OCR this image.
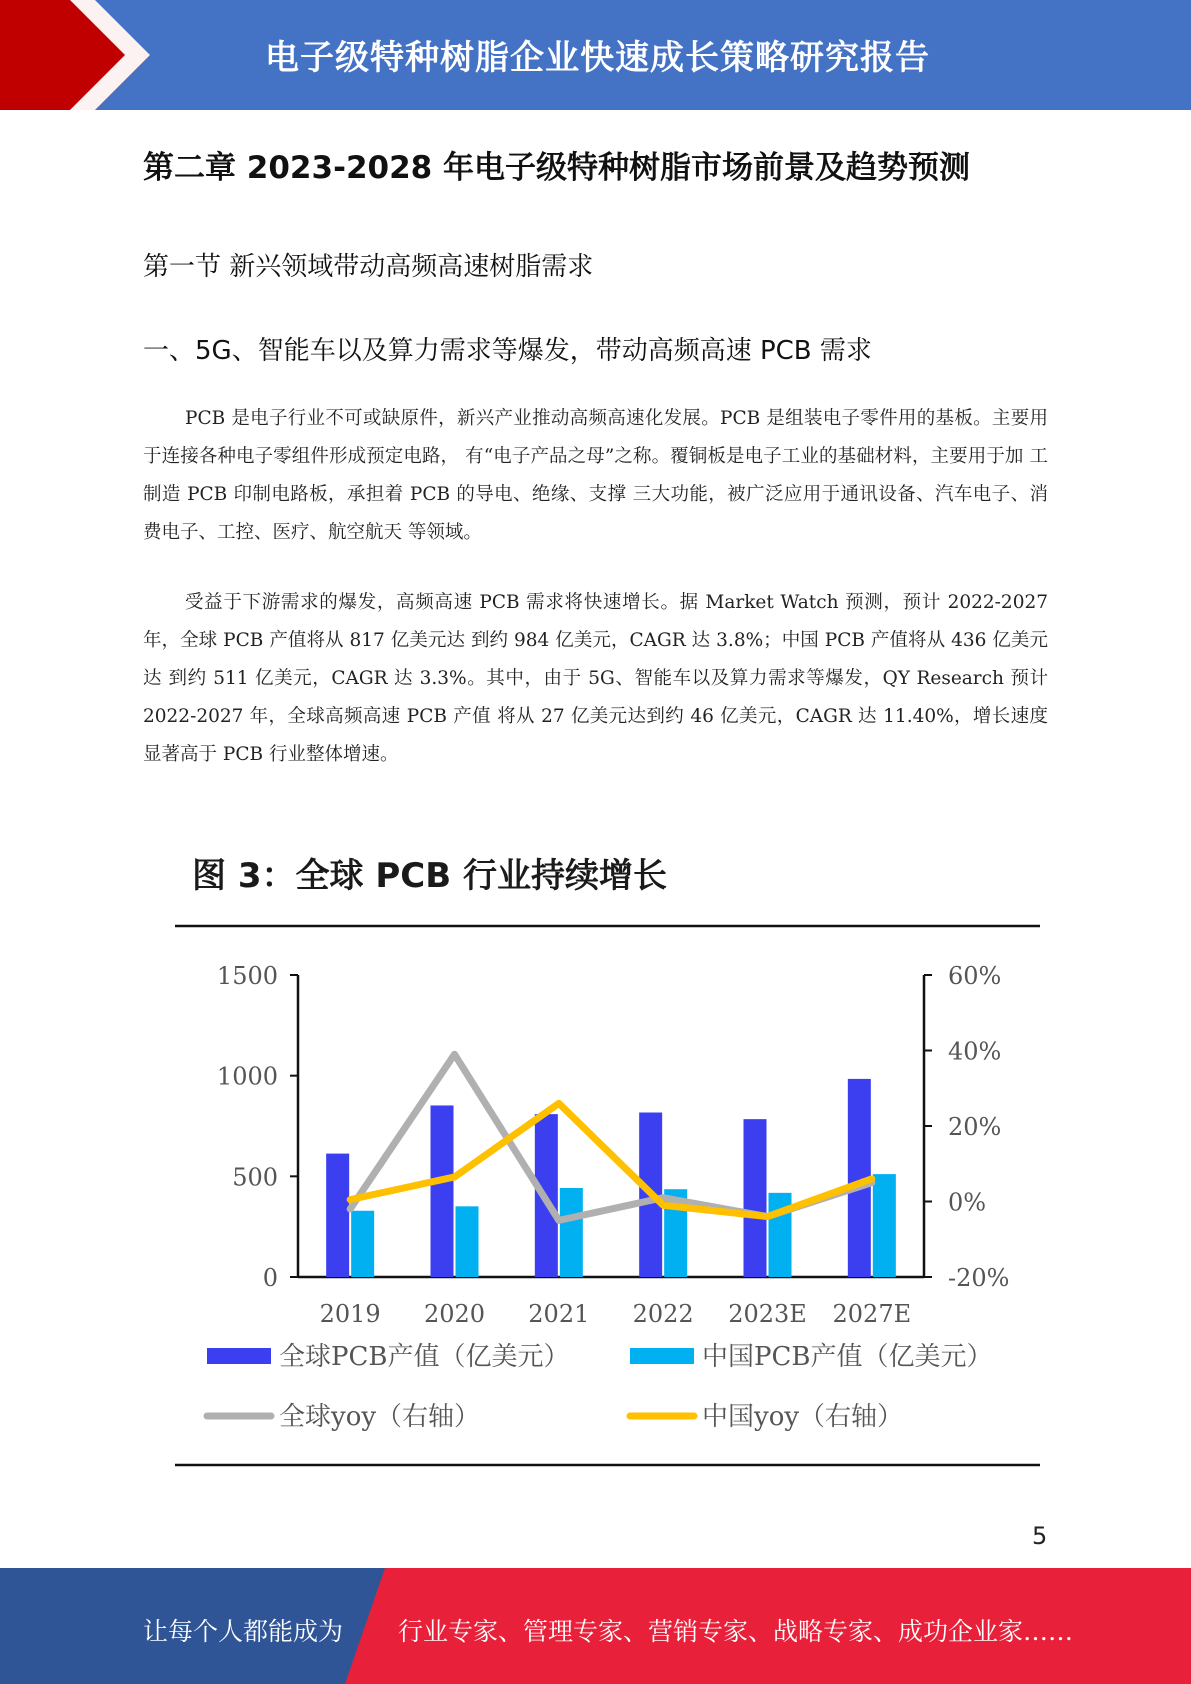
电子级特种树脂企业快速成长策略研究报告
第二章 2023-2028 年电子级特种树脂市场前景及趋势预测
第一节 新兴领域带动高频高速树脂需求
一、5G、智能车以及算力需求等爆发，带动高频高速 PCB 需求

PCB 是电子行业不可或缺原件，新兴产业推动高频高速化发展。PCB 是组装电子零件用的基板。主要用于连接各种电子零组件形成预定电路， 有“电子产品之母”之称。覆铜板是电子工业的基础材料，主要用于加 工制造 PCB 印制电路板，承担着 PCB 的导电、绝缘、支撑 三大功能，被广泛应用于通讯设备、汽车电子、消费电子、工控、医疗、航空航天 等领域。

受益于下游需求的爆发，高频高速 PCB 需求将快速增长。据 Market Watch 预测，预计 2022-2027 年，全球 PCB 产值将从 817 亿美元达 到约 984 亿美元，CAGR 达 3.8%；中国 PCB 产值将从 436 亿美元达 到约 511 亿美元，CAGR 达 3.3%。其中，由于 5G、智能车以及算力需求等爆发，QY Research 预计 2022-2027 年，全球高频高速 PCB 产值 将从 27 亿美元达到约 46 亿美元，CAGR 达 11.40%，增长速度显著高于 PCB 行业整体增速。

图 3：全球 PCB 行业持续增长
1500
1000
500
0
60%
40%
20%
0%
-20%
2019 2020 2021 2022 2023E 2027E
全球PCB产值（亿美元）	中国PCB产值（亿美元）
全球yoy（右轴）	中国yoy（右轴）
5
让每个人都能成为 行业专家、管理专家、营销专家、战略专家、成功企业家……
